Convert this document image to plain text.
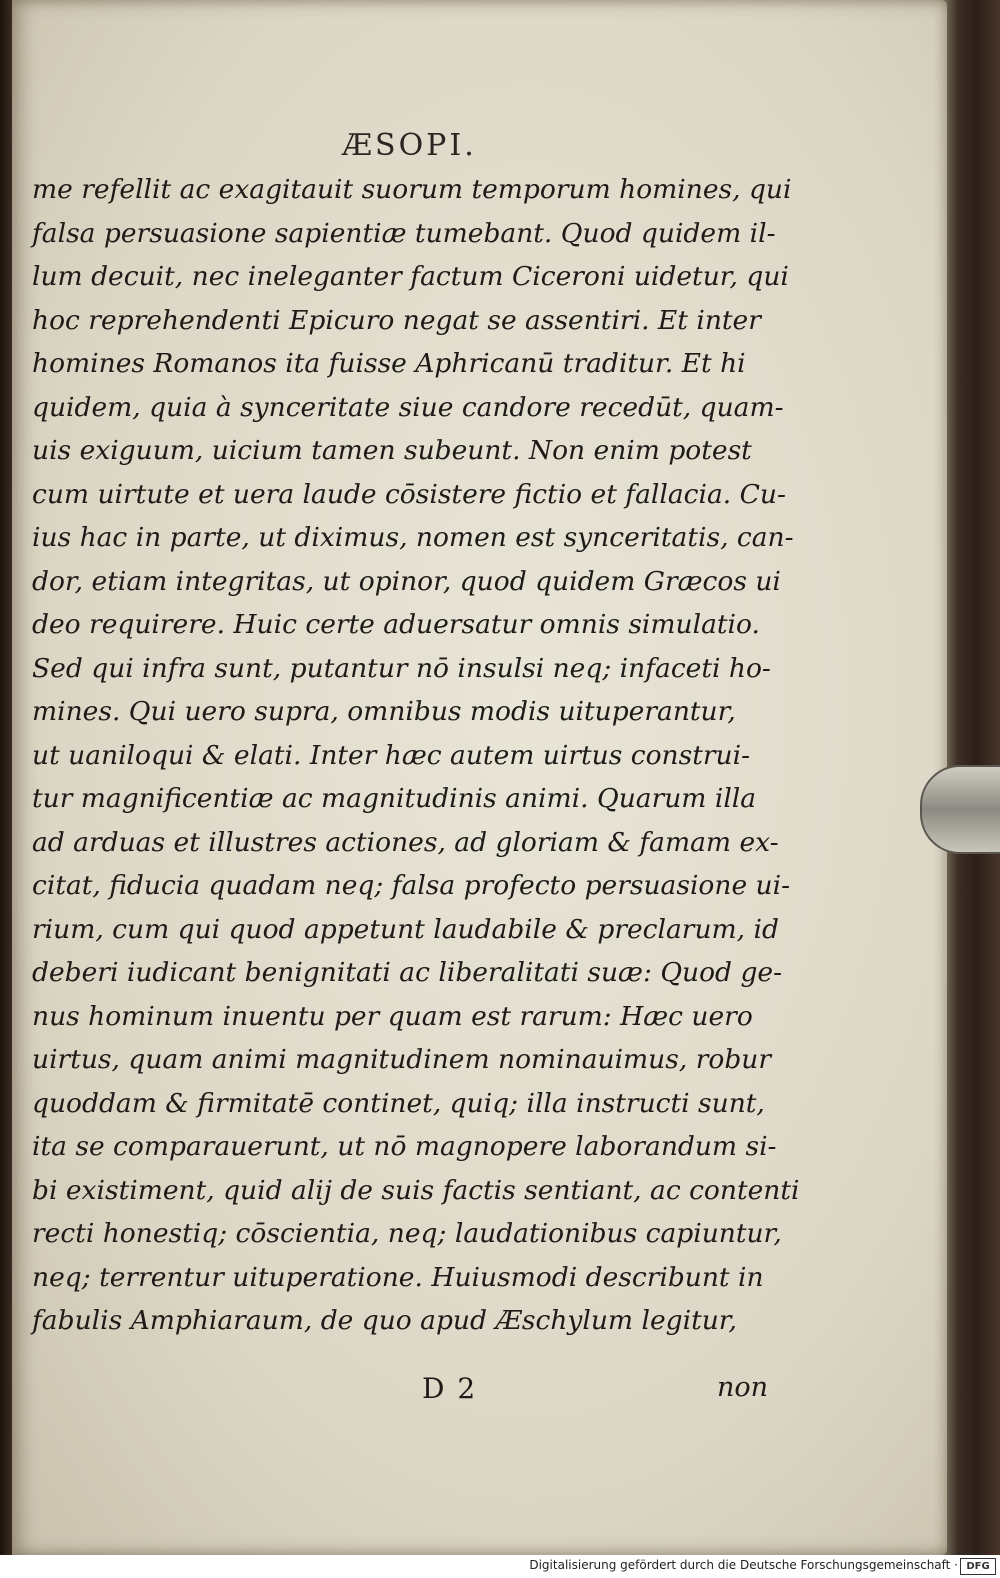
ÆSOPI.
me refellit ac exagitauit suorum temporum homines, qui
falsa persuasione sapientiæ tumebant. Quod quidem il-
lum decuit, nec ineleganter factum Ciceroni uidetur, qui
hoc reprehendenti Epicuro negat se assentiri. Et inter
homines Romanos ita fuisse Aphricanū traditur. Et hi
quidem, quia à synceritate siue candore recedūt, quam-
uis exiguum, uicium tamen subeunt. Non enim potest
cum uirtute et uera laude cōsistere fictio et fallacia. Cu-
ius hac in parte, ut diximus, nomen est synceritatis, can-
dor, etiam integritas, ut opinor, quod quidem Græcos ui
deo requirere. Huic certe aduersatur omnis simulatio.
Sed qui infra sunt, putantur nō insulsi neq; infaceti ho-
mines. Qui uero supra, omnibus modis uituperantur,
ut uaniloqui & elati. Inter hæc autem uirtus construi-
tur magnificentiæ ac magnitudinis animi. Quarum illa
ad arduas et illustres actiones, ad gloriam & famam ex-
citat, fiducia quadam neq; falsa profecto persuasione ui-
rium, cum qui quod appetunt laudabile & preclarum, id
deberi iudicant benignitati ac liberalitati suæ: Quod ge-
nus hominum inuentu per quam est rarum: Hæc uero
uirtus, quam animi magnitudinem nominauimus, robur
quoddam & firmitatē continet, quiq; illa instructi sunt,
ita se comparauerunt, ut nō magnopere laborandum si-
bi existiment, quid alij de suis factis sentiant, ac contenti
recti honestiq; cōscientia, neq; laudationibus capiuntur,
neq; terrentur uituperatione. Huiusmodi describunt in
fabulis Amphiaraum, de quo apud Æschylum legitur,
D 2	non
Digitalisierung gefördert durch die Deutsche Forschungsgemeinschaft · DFG
